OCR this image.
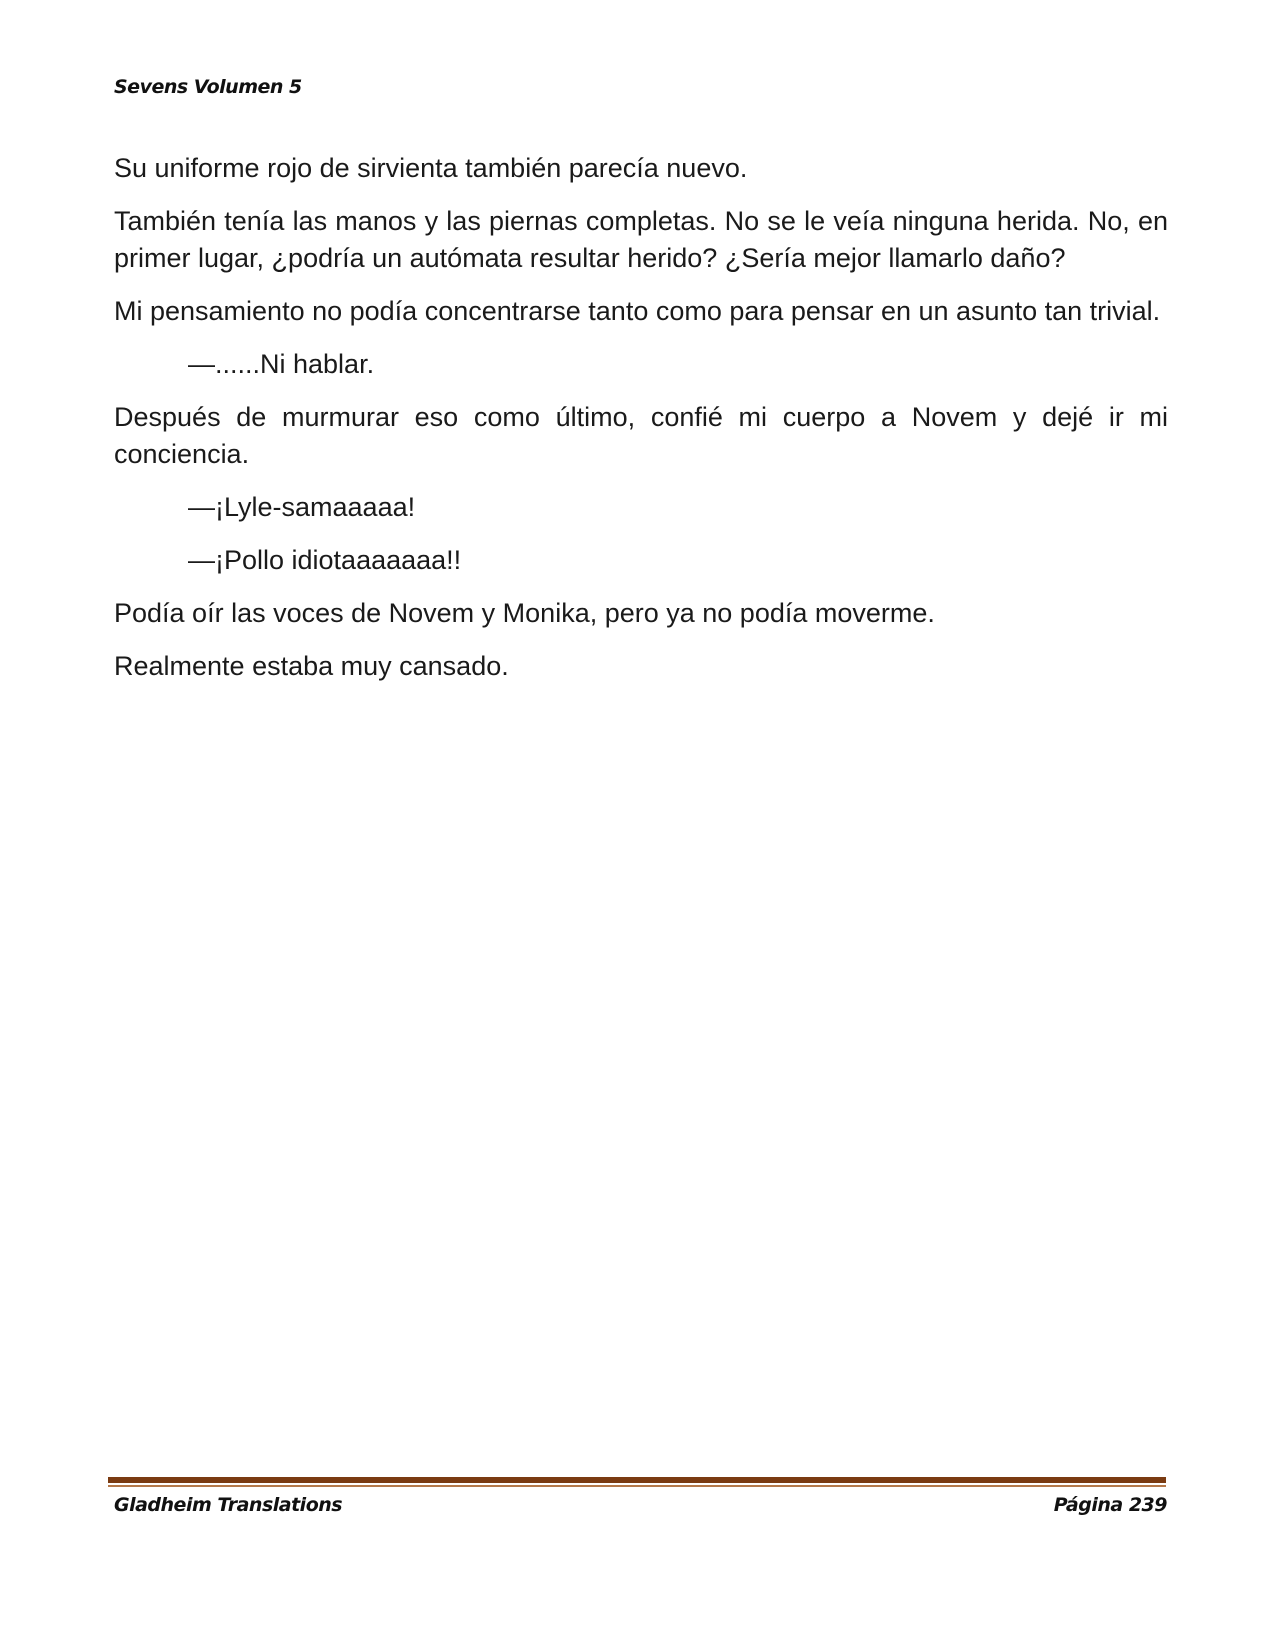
Sevens Volumen 5

Su uniforme rojo de sirvienta también parecía nuevo.

También tenía las manos y las piernas completas. No se le veía ninguna herida. No, en primer lugar, ¿podría un autómata resultar herido? ¿Sería mejor llamarlo daño?

Mi pensamiento no podía concentrarse tanto como para pensar en un asunto tan trivial.

—......Ni hablar.

Después de murmurar eso como último, confié mi cuerpo a Novem y dejé ir mi conciencia.

—¡Lyle-samaaaaa!

—¡Pollo idiotaaaaaaa!!

Podía oír las voces de Novem y Monika, pero ya no podía moverme.

Realmente estaba muy cansado.

Gladheim Translations	Página 239
